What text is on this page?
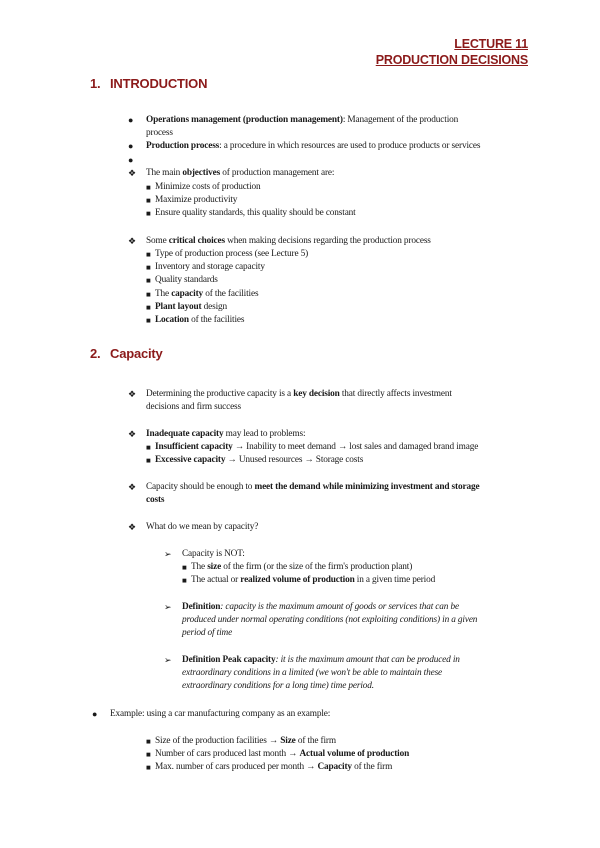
LECTURE 11
PRODUCTION DECISIONS
1. INTRODUCTION
● Operations management (production management): Management of the production
process
● Production process: a procedure in which resources are used to produce products or services
●
❖ The main objectives of production management are:
■ Minimize costs of production
■ Maximize productivity
■ Ensure quality standards, this quality should be constant
❖ Some critical choices when making decisions regarding the production process
■ Type of production process (see Lecture 5)
■ Inventory and storage capacity
■ Quality standards
■ The capacity of the facilities
■ Plant layout design
■ Location of the facilities
2. Capacity
❖ Determining the productive capacity is a key decision that directly affects investment
decisions and firm success
❖ Inadequate capacity may lead to problems:
■ Insufficient capacity → Inability to meet demand → lost sales and damaged brand image
■ Excessive capacity → Unused resources → Storage costs
❖ Capacity should be enough to meet the demand while minimizing investment and storage
costs
❖ What do we mean by capacity?
➢ Capacity is NOT:
■ The size of the firm (or the size of the firm's production plant)
■ The actual or realized volume of production in a given time period
➢ Definition: capacity is the maximum amount of goods or services that can be
produced under normal operating conditions (not exploiting conditions) in a given
period of time
➢ Definition Peak capacity: it is the maximum amount that can be produced in
extraordinary conditions in a limited (we won't be able to maintain these
extraordinary conditions for a long time) time period.
● Example: using a car manufacturing company as an example:
■ Size of the production facilities → Size of the firm
■ Number of cars produced last month → Actual volume of production
■ Max. number of cars produced per month → Capacity of the firm
